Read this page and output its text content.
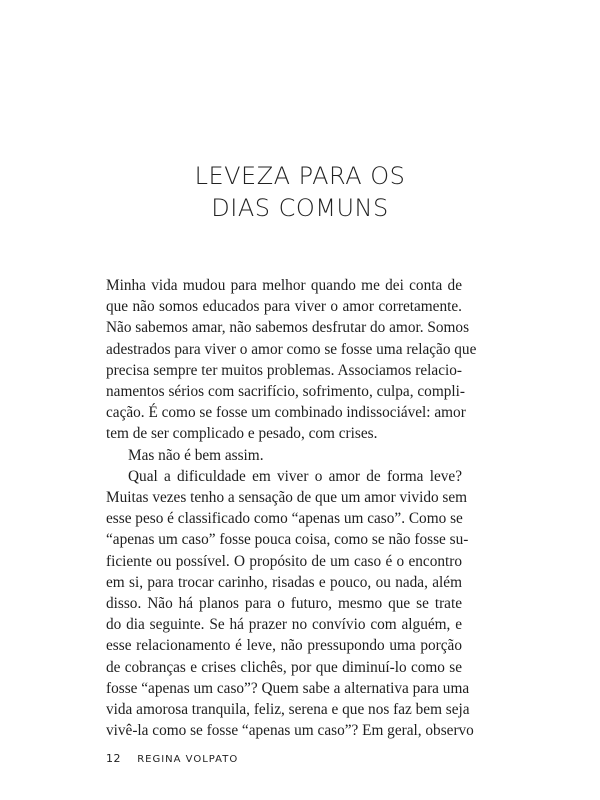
LEVEZA PARA OS
DIAS COMUNS
Minha vida mudou para melhor quando me dei conta de
que não somos educados para viver o amor corretamente.
Não sabemos amar, não sabemos desfrutar do amor. Somos
adestrados para viver o amor como se fosse uma relação que
precisa sempre ter muitos problemas. Associamos relacio-
namentos sérios com sacrifício, sofrimento, culpa, compli-
cação. É como se fosse um combinado indissociável: amor
tem de ser complicado e pesado, com crises.
Mas não é bem assim.
Qual a dificuldade em viver o amor de forma leve?
Muitas vezes tenho a sensação de que um amor vivido sem
esse peso é classificado como “apenas um caso”. Como se
“apenas um caso” fosse pouca coisa, como se não fosse su-
ficiente ou possível. O propósito de um caso é o encontro
em si, para trocar carinho, risadas e pouco, ou nada, além
disso. Não há planos para o futuro, mesmo que se trate
do dia seguinte. Se há prazer no convívio com alguém, e
esse relacionamento é leve, não pressupondo uma porção
de cobranças e crises clichês, por que diminuí-lo como se
fosse “apenas um caso”? Quem sabe a alternativa para uma
vida amorosa tranquila, feliz, serena e que nos faz bem seja
vivê-la como se fosse “apenas um caso”? Em geral, observo
12 REGINA VOLPATO
